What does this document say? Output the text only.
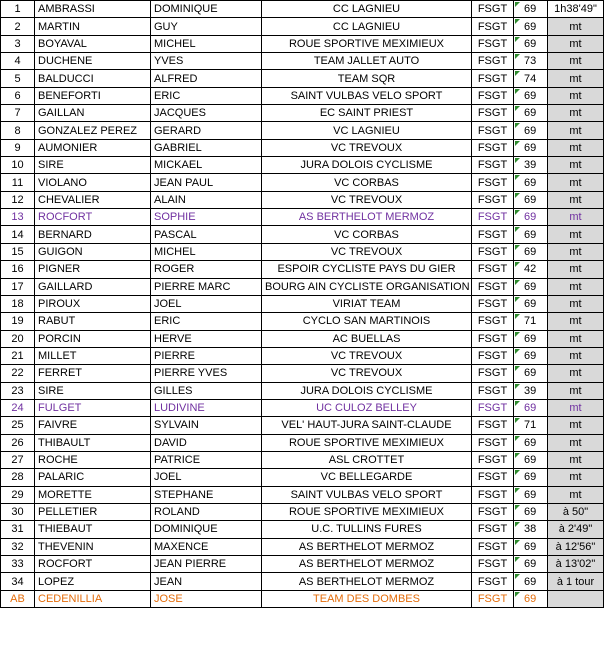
1	AMBRASSI	DOMINIQUE	CC LAGNIEU	FSGT	69	1h38'49"
2	MARTIN	GUY	CC LAGNIEU	FSGT	69	mt
3	BOYAVAL	MICHEL	ROUE SPORTIVE MEXIMIEUX	FSGT	69	mt
4	DUCHENE	YVES	TEAM JALLET AUTO	FSGT	73	mt
5	BALDUCCI	ALFRED	TEAM SQR	FSGT	74	mt
6	BENEFORTI	ERIC	SAINT VULBAS VELO SPORT	FSGT	69	mt
7	GAILLAN	JACQUES	EC SAINT PRIEST	FSGT	69	mt
8	GONZALEZ PEREZ	GERARD	VC LAGNIEU	FSGT	69	mt
9	AUMONIER	GABRIEL	VC TREVOUX	FSGT	69	mt
10	SIRE	MICKAEL	JURA DOLOIS CYCLISME	FSGT	39	mt
11	VIOLANO	JEAN PAUL	VC CORBAS	FSGT	69	mt
12	CHEVALIER	ALAIN	VC TREVOUX	FSGT	69	mt
13	ROCFORT	SOPHIE	AS BERTHELOT MERMOZ	FSGT	69	mt
14	BERNARD	PASCAL	VC CORBAS	FSGT	69	mt
15	GUIGON	MICHEL	VC TREVOUX	FSGT	69	mt
16	PIGNER	ROGER	ESPOIR CYCLISTE PAYS DU GIER	FSGT	42	mt
17	GAILLARD	PIERRE MARC	BOURG AIN CYCLISTE ORGANISATION	FSGT	69	mt
18	PIROUX	JOEL	VIRIAT TEAM	FSGT	69	mt
19	RABUT	ERIC	CYCLO SAN MARTINOIS	FSGT	71	mt
20	PORCIN	HERVE	AC BUELLAS	FSGT	69	mt
21	MILLET	PIERRE	VC TREVOUX	FSGT	69	mt
22	FERRET	PIERRE YVES	VC TREVOUX	FSGT	69	mt
23	SIRE	GILLES	JURA DOLOIS CYCLISME	FSGT	39	mt
24	FULGET	LUDIVINE	UC CULOZ BELLEY	FSGT	69	mt
25	FAIVRE	SYLVAIN	VEL' HAUT-JURA SAINT-CLAUDE	FSGT	71	mt
26	THIBAULT	DAVID	ROUE SPORTIVE MEXIMIEUX	FSGT	69	mt
27	ROCHE	PATRICE	ASL CROTTET	FSGT	69	mt
28	PALARIC	JOEL	VC BELLEGARDE	FSGT	69	mt
29	MORETTE	STEPHANE	SAINT VULBAS VELO SPORT	FSGT	69	mt
30	PELLETIER	ROLAND	ROUE SPORTIVE MEXIMIEUX	FSGT	69	à 50"
31	THIEBAUT	DOMINIQUE	U.C. TULLINS FURES	FSGT	38	à 2'49"
32	THEVENIN	MAXENCE	AS BERTHELOT MERMOZ	FSGT	69	à 12'56"
33	ROCFORT	JEAN PIERRE	AS BERTHELOT MERMOZ	FSGT	69	à 13'02"
34	LOPEZ	JEAN	AS BERTHELOT MERMOZ	FSGT	69	à 1 tour
AB	CEDENILLIA	JOSE	TEAM DES DOMBES	FSGT	69	
